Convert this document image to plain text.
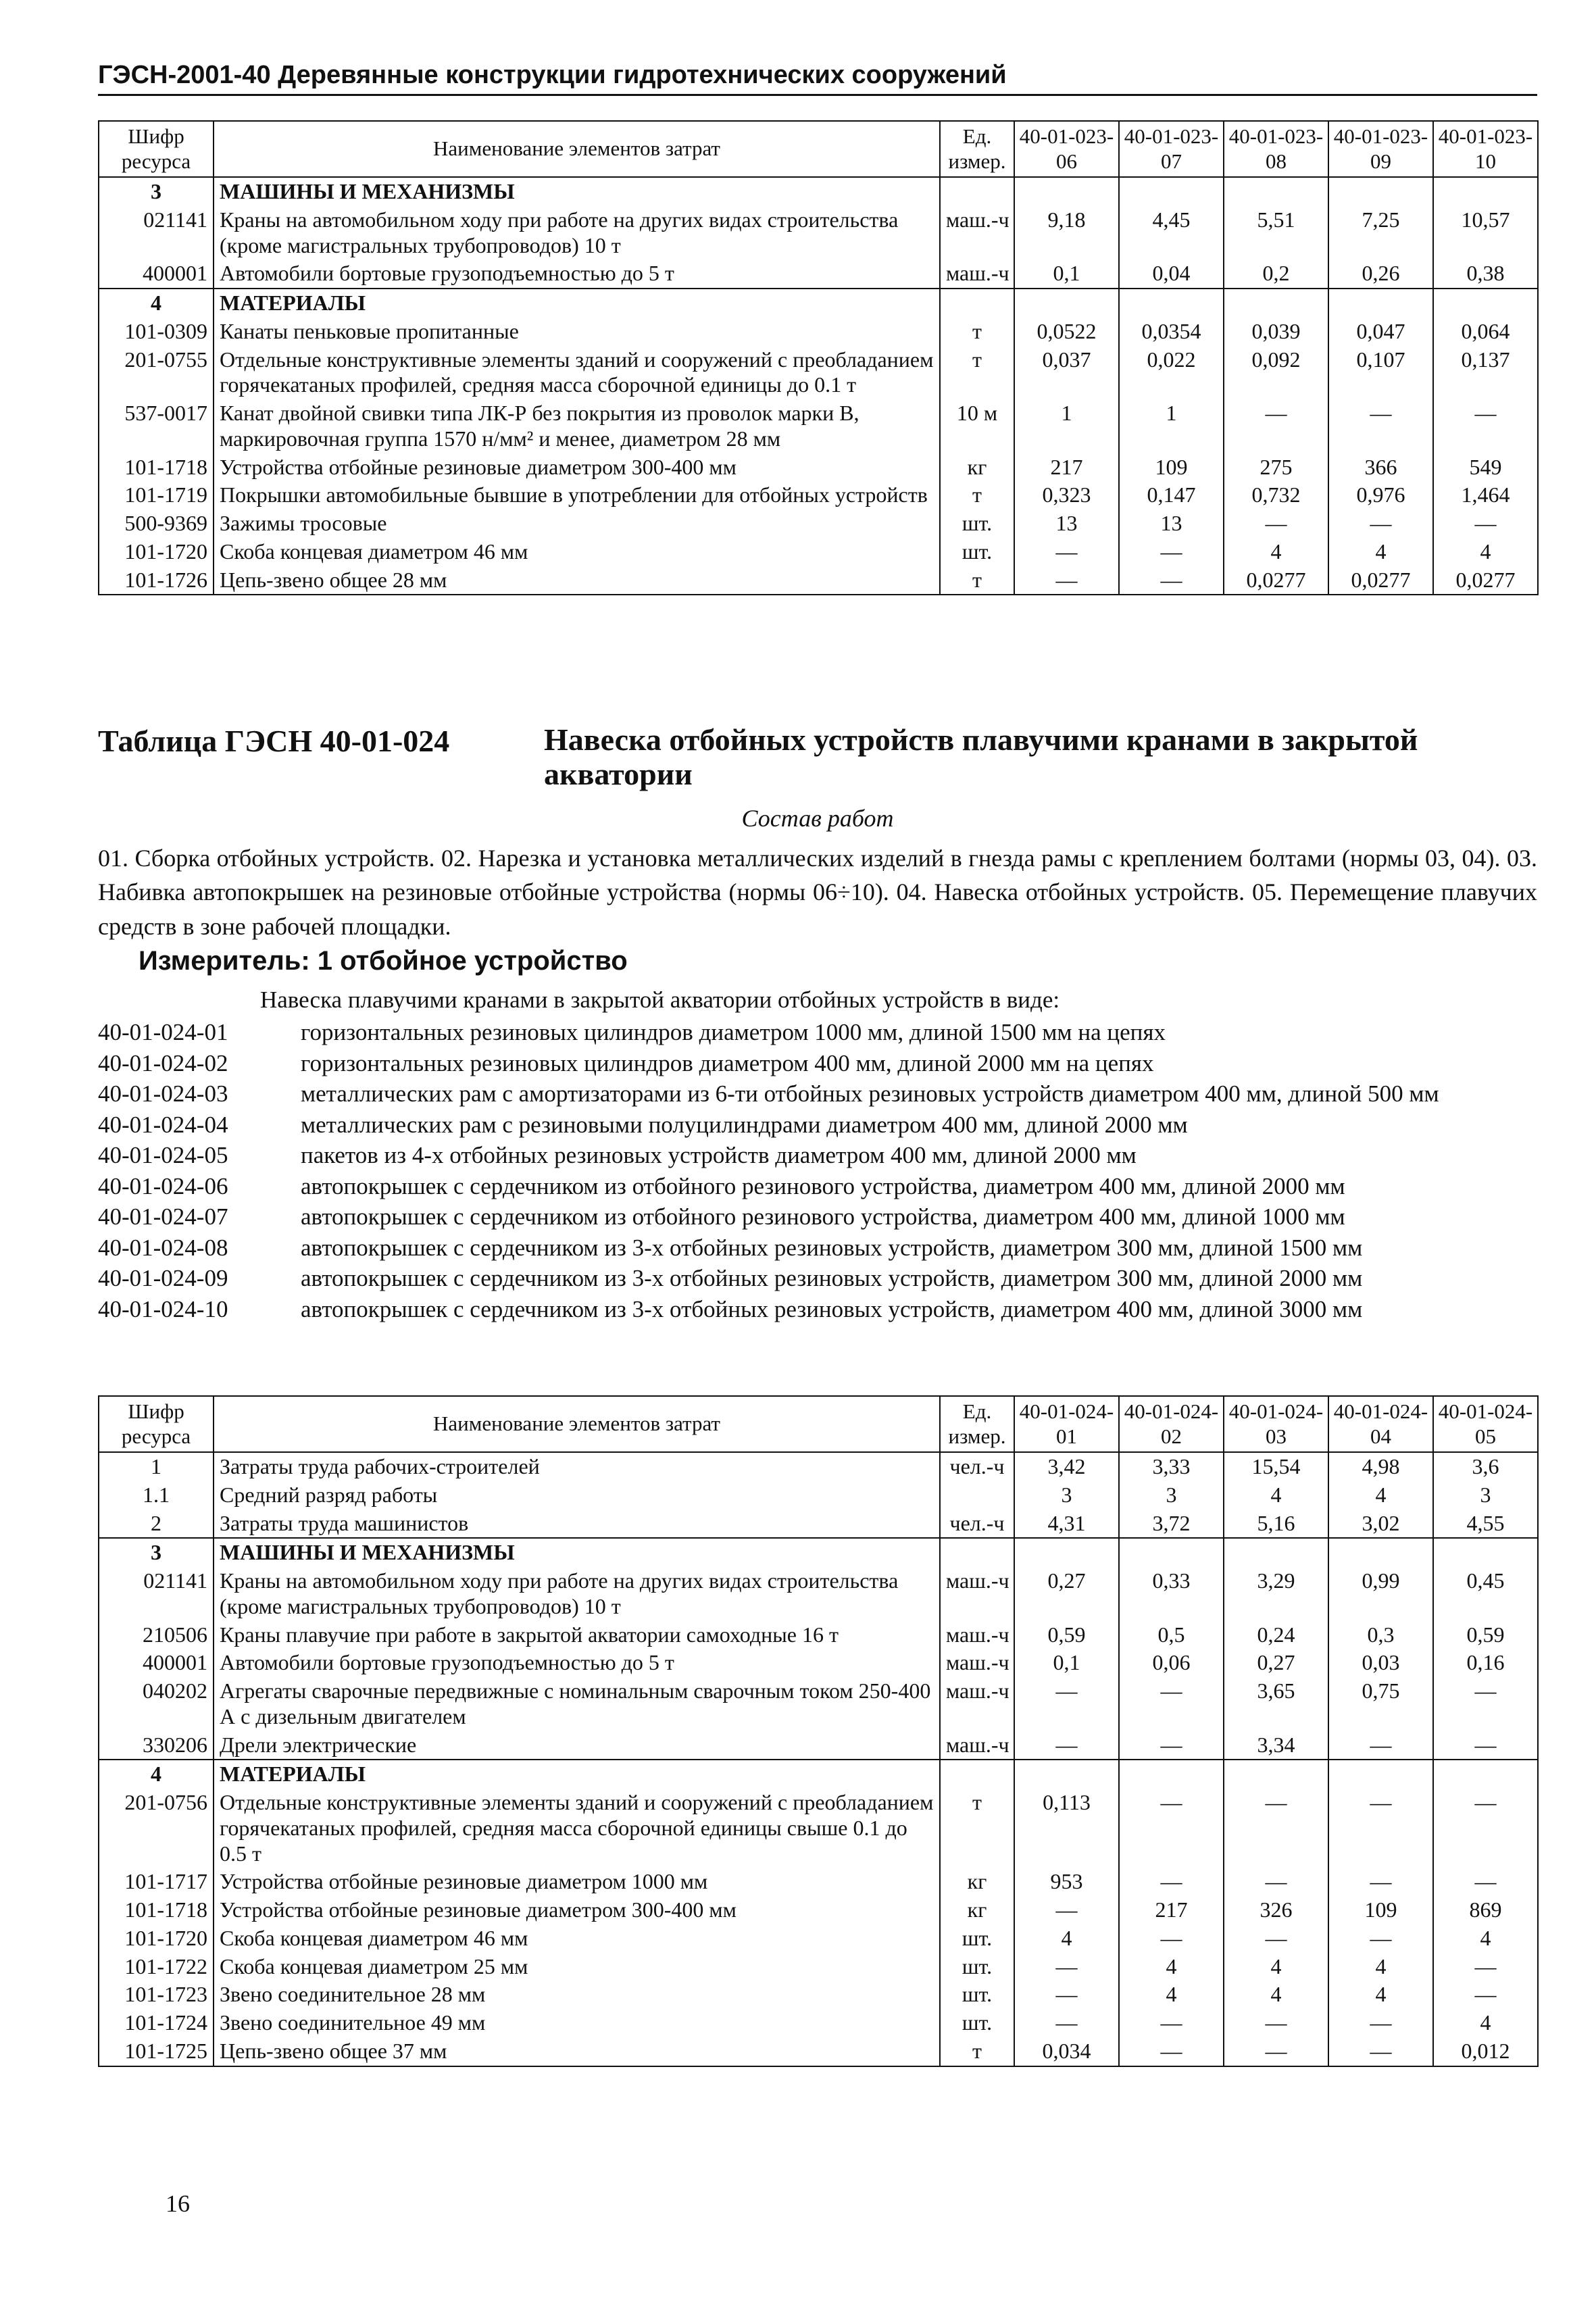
ГЭСН-2001-40 Деревянные конструкции гидротехнических сооружений
Шифр ресурса	Наименование элементов затрат	Ед. измер.	40-01-023-06	40-01-023-07	40-01-023-08	40-01-023-09	40-01-023-10
3	МАШИНЫ И МЕХАНИЗМЫ						
021141	Краны на автомобильном ходу при работе на других видах строительства (кроме магистральных трубопроводов) 10 т	маш.-ч	9,18	4,45	5,51	7,25	10,57
400001	Автомобили бортовые грузоподъемностью до 5 т	маш.-ч	0,1	0,04	0,2	0,26	0,38
4	МАТЕРИАЛЫ						
101-0309	Канаты пеньковые пропитанные	т	0,0522	0,0354	0,039	0,047	0,064
201-0755	Отдельные конструктивные элементы зданий и сооружений с преобладанием горячекатаных профилей, средняя масса сборочной единицы до 0.1 т	т	0,037	0,022	0,092	0,107	0,137
537-0017	Канат двойной свивки типа ЛК-Р без покрытия из проволок марки В, маркировочная группа 1570 н/мм² и менее, диаметром 28 мм	10 м	1	1	—	—	—
101-1718	Устройства отбойные резиновые диаметром 300-400 мм	кг	217	109	275	366	549
101-1719	Покрышки автомобильные бывшие в употреблении для отбойных устройств	т	0,323	0,147	0,732	0,976	1,464
500-9369	Зажимы тросовые	шт.	13	13	—	—	—
101-1720	Скоба концевая диаметром 46 мм	шт.	—	—	4	4	4
101-1726	Цепь-звено общее 28 мм	т	—	—	0,0277	0,0277	0,0277
Таблица ГЭСН 40-01-024	Навеска отбойных устройств плавучими кранами в закрытой акватории
Состав работ
01. Сборка отбойных устройств. 02. Нарезка и установка металлических изделий в гнезда рамы с креплением болтами (нормы 03, 04). 03. Набивка автопокрышек на резиновые отбойные устройства (нормы 06÷10). 04. Навеска отбойных устройств. 05. Перемещение плавучих средств в зоне рабочей площадки.
Измеритель: 1 отбойное устройство
Навеска плавучими кранами в закрытой акватории отбойных устройств в виде:
40-01-024-01	горизонтальных резиновых цилиндров диаметром 1000 мм, длиной 1500 мм на цепях
40-01-024-02	горизонтальных резиновых цилиндров диаметром 400 мм, длиной 2000 мм на цепях
40-01-024-03	металлических рам с амортизаторами из 6-ти отбойных резиновых устройств диаметром 400 мм, длиной 500 мм
40-01-024-04	металлических рам с резиновыми полуцилиндрами диаметром 400 мм, длиной 2000 мм
40-01-024-05	пакетов из 4-х отбойных резиновых устройств диаметром 400 мм, длиной 2000 мм
40-01-024-06	автопокрышек с сердечником из отбойного резинового устройства, диаметром 400 мм, длиной 2000 мм
40-01-024-07	автопокрышек с сердечником из отбойного резинового устройства, диаметром 400 мм, длиной 1000 мм
40-01-024-08	автопокрышек с сердечником из 3-х отбойных резиновых устройств, диаметром 300 мм, длиной 1500 мм
40-01-024-09	автопокрышек с сердечником из 3-х отбойных резиновых устройств, диаметром 300 мм, длиной 2000 мм
40-01-024-10	автопокрышек с сердечником из 3-х отбойных резиновых устройств, диаметром 400 мм, длиной 3000 мм
Шифр ресурса	Наименование элементов затрат	Ед. измер.	40-01-024-01	40-01-024-02	40-01-024-03	40-01-024-04	40-01-024-05
1	Затраты труда рабочих-строителей	чел.-ч	3,42	3,33	15,54	4,98	3,6
1.1	Средний разряд работы		3	3	4	4	3
2	Затраты труда машинистов	чел.-ч	4,31	3,72	5,16	3,02	4,55
3	МАШИНЫ И МЕХАНИЗМЫ						
021141	Краны на автомобильном ходу при работе на других видах строительства (кроме магистральных трубопроводов) 10 т	маш.-ч	0,27	0,33	3,29	0,99	0,45
210506	Краны плавучие при работе в закрытой акватории самоходные 16 т	маш.-ч	0,59	0,5	0,24	0,3	0,59
400001	Автомобили бортовые грузоподъемностью до 5 т	маш.-ч	0,1	0,06	0,27	0,03	0,16
040202	Агрегаты сварочные передвижные с номинальным сварочным током 250-400 А с дизельным двигателем	маш.-ч	—	—	3,65	0,75	—
330206	Дрели электрические	маш.-ч	—	—	3,34	—	—
4	МАТЕРИАЛЫ						
201-0756	Отдельные конструктивные элементы зданий и сооружений с преобладанием горячекатаных профилей, средняя масса сборочной единицы свыше 0.1 до 0.5 т	т	0,113	—	—	—	—
101-1717	Устройства отбойные резиновые диаметром 1000 мм	кг	953	—	—	—	—
101-1718	Устройства отбойные резиновые диаметром 300-400 мм	кг	—	217	326	109	869
101-1720	Скоба концевая диаметром 46 мм	шт.	4	—	—	—	4
101-1722	Скоба концевая диаметром 25 мм	шт.	—	4	4	4	—
101-1723	Звено соединительное 28 мм	шт.	—	4	4	4	—
101-1724	Звено соединительное 49 мм	шт.	—	—	—	—	4
101-1725	Цепь-звено общее 37 мм	т	0,034	—	—	—	0,012
16
